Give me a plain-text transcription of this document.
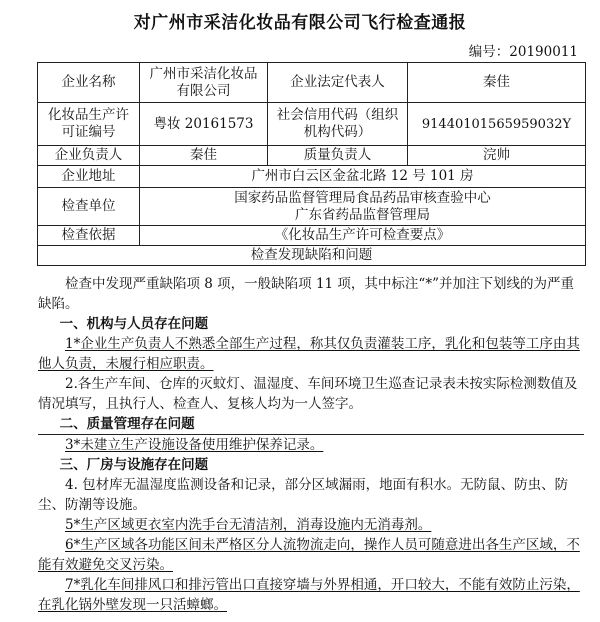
对广州市采洁化妆品有限公司飞行检查通报
编号：20190011
企业名称	广州市采洁化妆品有限公司	企业法定代表人	秦佳
化妆品生产许可证编号	粤妆 20161573	社会信用代码（组织机构代码）	91440101565959032Y
企业负责人	秦佳	质量负责人	浣帅
企业地址	广州市白云区金盆北路 12 号 101 房		
检查单位	国家药品监督管理局食品药品审核查验中心
广东省药品监督管理局		

检查依据	《化妆品生产许可检查要点》		
检查发现缺陷和问题			

检查中发现严重缺陷项 8 项，一般缺陷项 11 项，其中标注“*”并加注下划线的为严重缺陷。

一、机构与人员存在问题

1*企业生产负责人不熟悉全部生产过程，称其仅负责灌装工序，乳化和包装等工序由其他人负责，未履行相应职责。

2.各生产车间、仓库的灭蚊灯、温湿度、车间环境卫生巡查记录表未按实际检测数值及情况填写，且执行人、检查人、复核人均为一人签字。

二、质量管理存在问题

3*未建立生产设施设备使用维护保养记录。

三、厂房与设施存在问题

4. 包材库无温湿度监测设备和记录，部分区域漏雨，地面有积水。无防鼠、防虫、防尘、防潮等设施。

5*生产区域更衣室内洗手台无清洁剂，消毒设施内无消毒剂。

6*生产区域各功能区间未严格区分人流物流走向，操作人员可随意进出各生产区域，不能有效避免交叉污染。

7*乳化车间排风口和排污管出口直接穿墙与外界相通，开口较大，不能有效防止污染，在乳化锅外壁发现一只活蟑螂。
